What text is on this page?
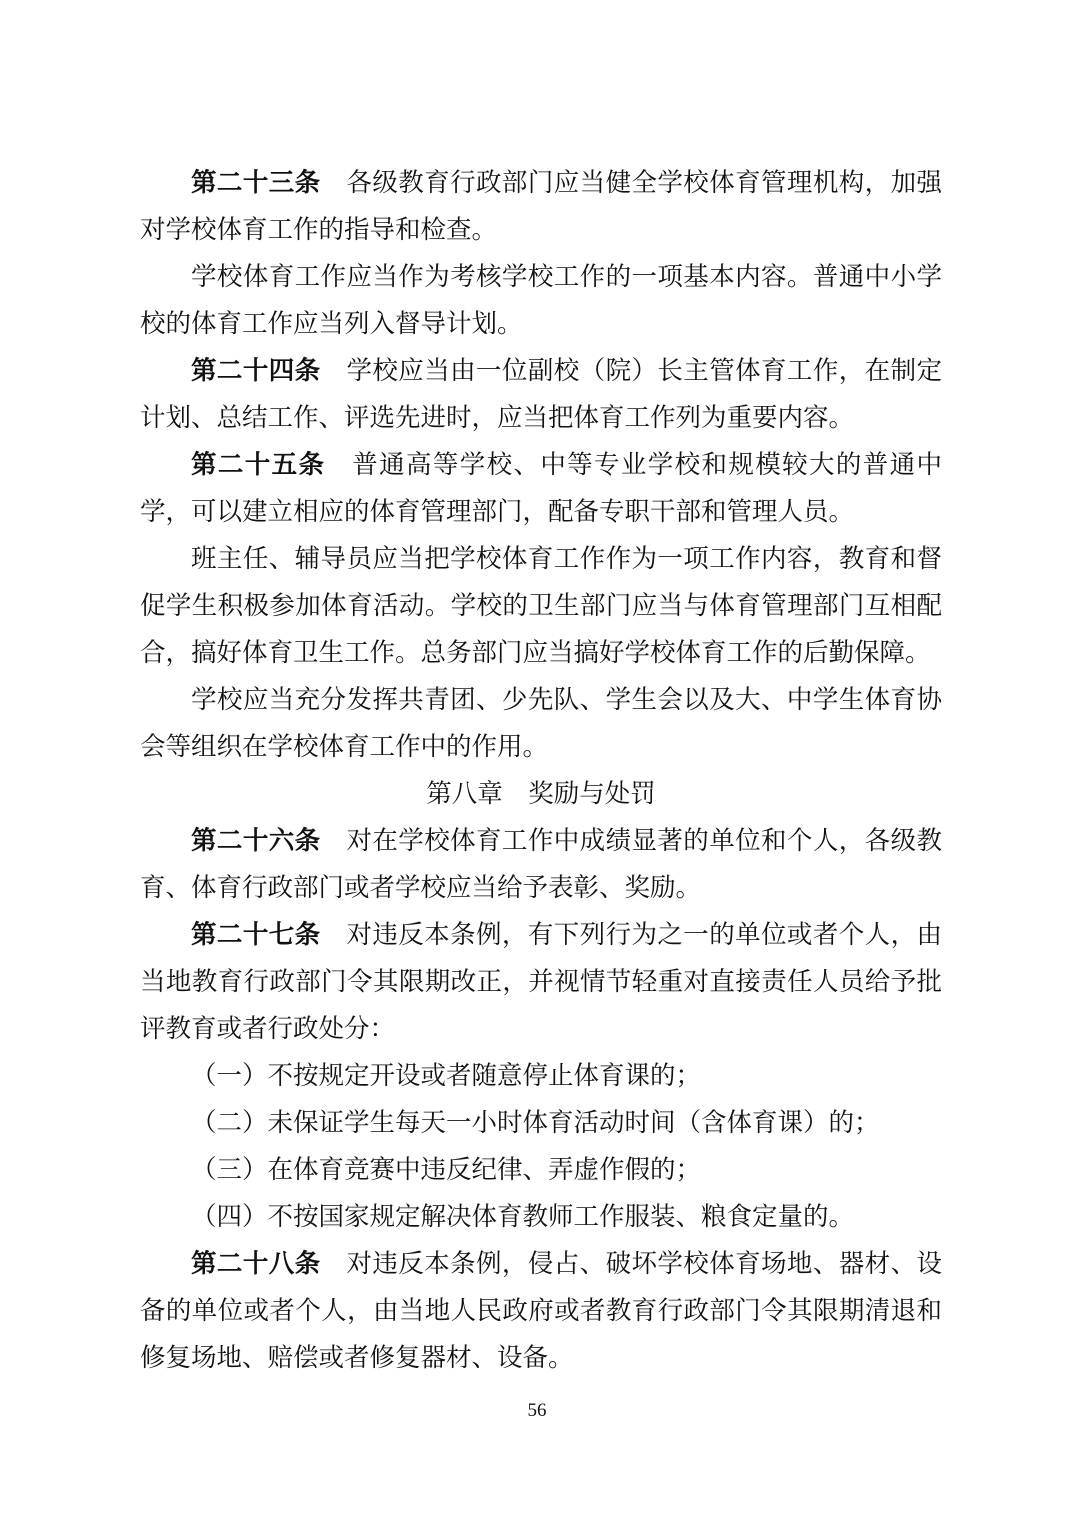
第二十三条 各级教育行政部门应当健全学校体育管理机构，加强对学校体育工作的指导和检查。

学校体育工作应当作为考核学校工作的一项基本内容。普通中小学校的体育工作应当列入督导计划。

第二十四条 学校应当由一位副校（院）长主管体育工作，在制定计划、总结工作、评选先进时，应当把体育工作列为重要内容。

第二十五条 普通高等学校、中等专业学校和规模较大的普通中学，可以建立相应的体育管理部门，配备专职干部和管理人员。

班主任、辅导员应当把学校体育工作作为一项工作内容，教育和督促学生积极参加体育活动。学校的卫生部门应当与体育管理部门互相配合，搞好体育卫生工作。总务部门应当搞好学校体育工作的后勤保障。

学校应当充分发挥共青团、少先队、学生会以及大、中学生体育协会等组织在学校体育工作中的作用。

第八章 奖励与处罚

第二十六条 对在学校体育工作中成绩显著的单位和个人，各级教育、体育行政部门或者学校应当给予表彰、奖励。

第二十七条 对违反本条例，有下列行为之一的单位或者个人，由当地教育行政部门令其限期改正，并视情节轻重对直接责任人员给予批评教育或者行政处分：

（一）不按规定开设或者随意停止体育课的；

（二）未保证学生每天一小时体育活动时间（含体育课）的；

（三）在体育竞赛中违反纪律、弄虚作假的；

（四）不按国家规定解决体育教师工作服装、粮食定量的。

第二十八条 对违反本条例，侵占、破坏学校体育场地、器材、设备的单位或者个人，由当地人民政府或者教育行政部门令其限期清退和修复场地、赔偿或者修复器材、设备。

56
